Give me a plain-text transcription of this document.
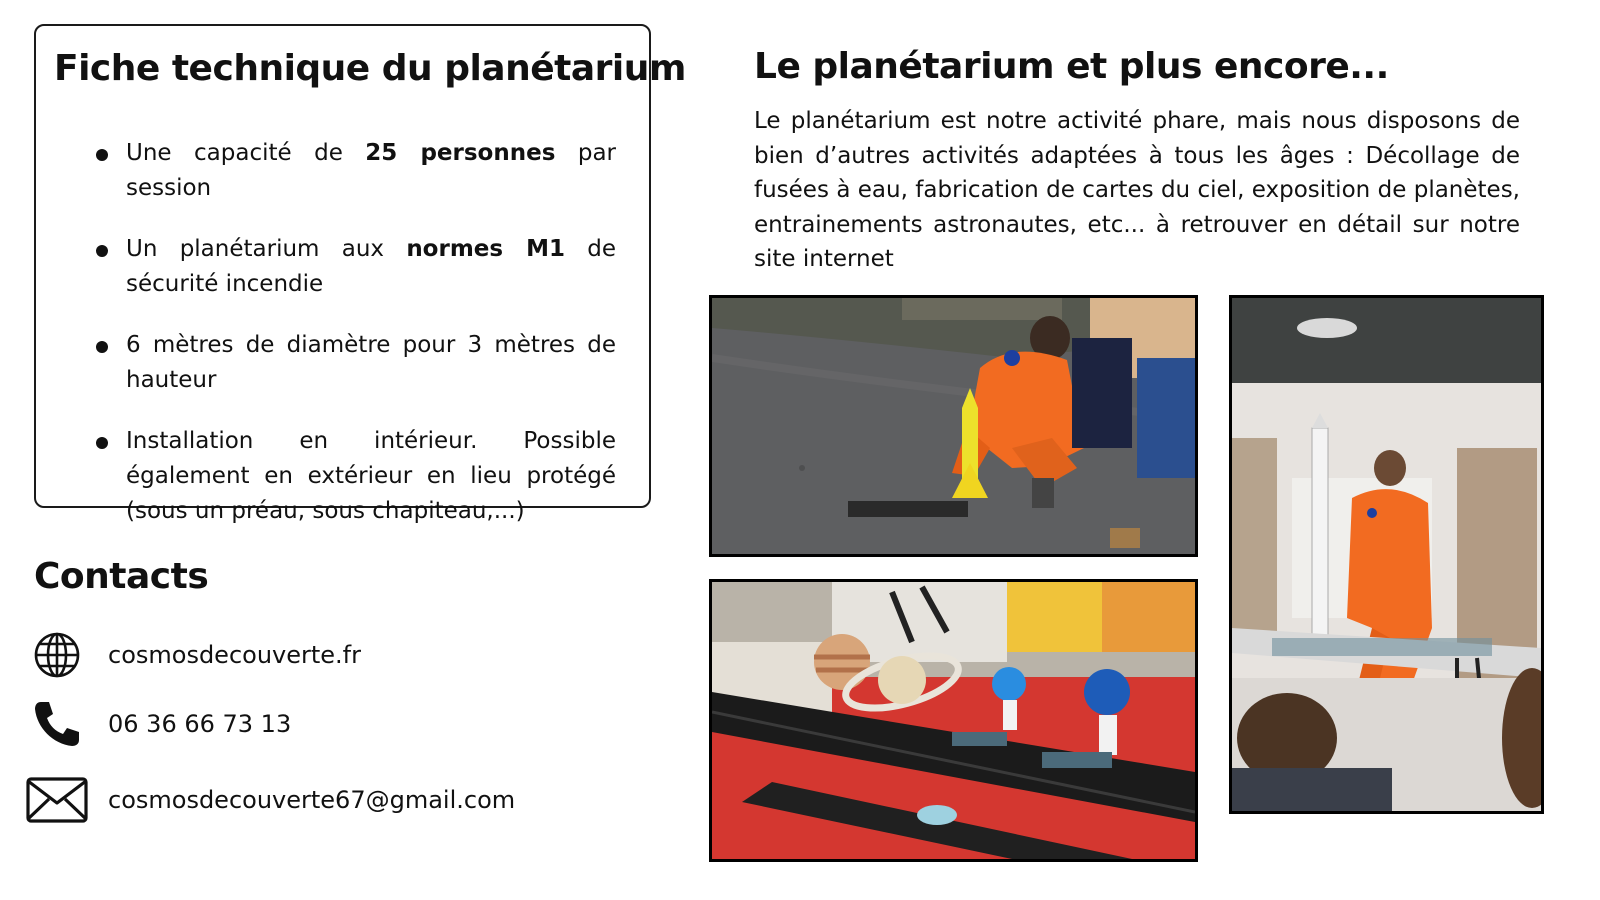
Fiche technique du planétarium
Une capacité de 25 personnes par session
Un planétarium aux normes M1 de sécurité incendie
6 mètres de diamètre pour 3 mètres de hauteur
Installation en intérieur. Possible également en extérieur en lieu protégé (sous un préau, sous chapiteau,...)
Contacts
cosmosdecouverte.fr
06 36 66 73 13
cosmosdecouverte67@gmail.com
Le planétarium et plus encore...

Le planétarium est notre activité phare, mais nous disposons de bien d’autres activités adaptées à tous les âges : Décollage de fusées à eau, fabrication de cartes du ciel, exposition de planètes, entrainements astronautes, etc... à retrouver en détail sur notre site internet
